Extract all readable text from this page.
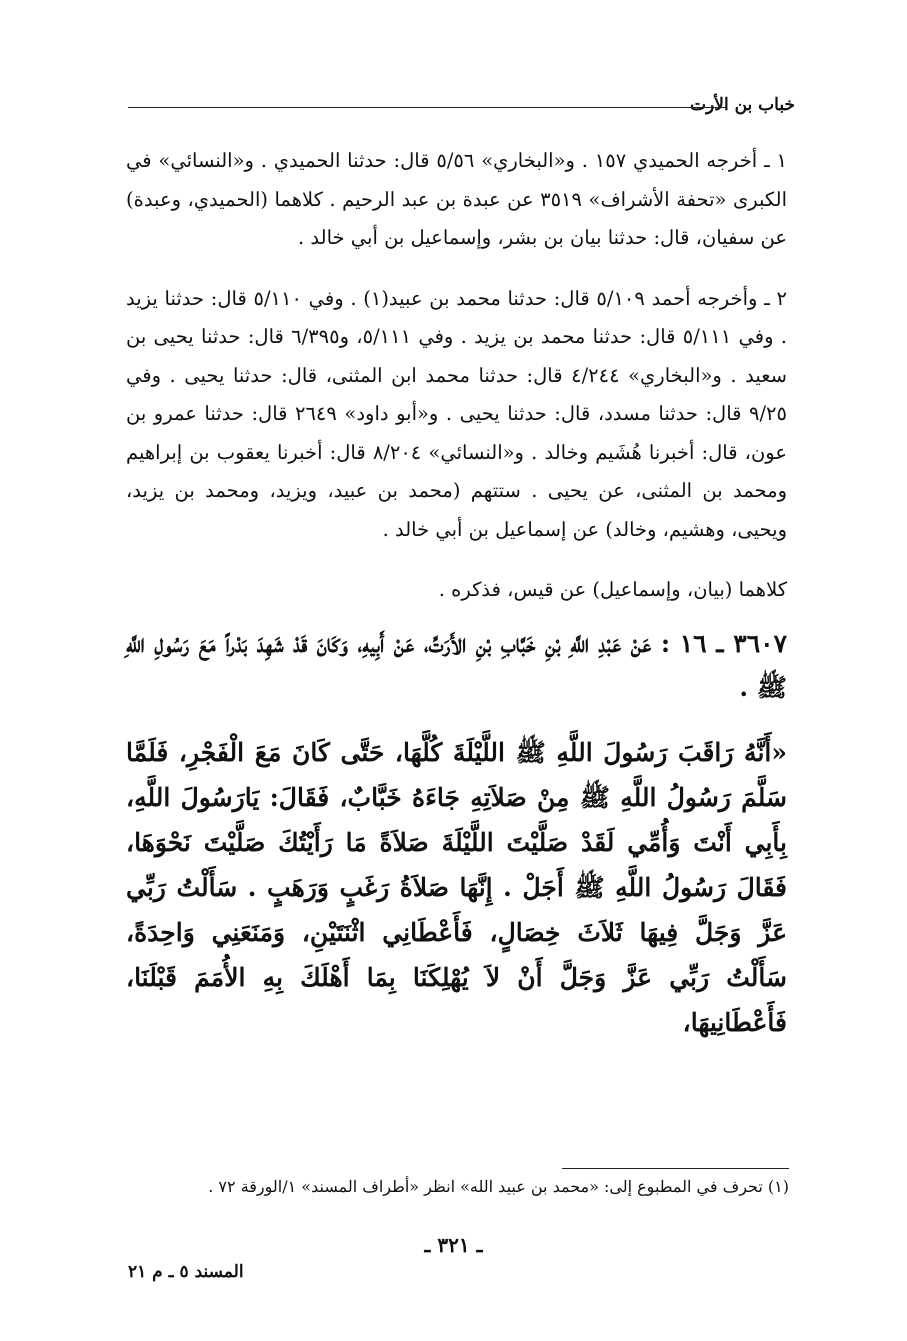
خباب بن الأرت

١ ـ أخرجه الحميدي ١٥٧ . و«البخاري» ٥/٥٦ قال: حدثنا الحميدي . و«النسائي» في الكبرى «تحفة الأشراف» ٣٥١٩ عن عبدة بن عبد الرحيم . كلاهما (الحميدي، وعبدة) عن سفيان، قال: حدثنا بيان بن بشر، وإسماعيل بن أبي خالد .

٢ ـ وأخرجه أحمد ٥/١٠٩ قال: حدثنا محمد بن عبيد(١) . وفي ٥/١١٠ قال: حدثنا يزيد . وفي ٥/١١١ قال: حدثنا محمد بن يزيد . وفي ٥/١١١، و٦/٣٩٥ قال: حدثنا يحيى بن سعيد . و«البخاري» ٤/٢٤٤ قال: حدثنا محمد ابن المثنى، قال: حدثنا يحيى . وفي ٩/٢٥ قال: حدثنا مسدد، قال: حدثنا يحيى . و«أبو داود» ٢٦٤٩ قال: حدثنا عمرو بن عون، قال: أخبرنا هُشَيم وخالد . و«النسائي» ٨/٢٠٤ قال: أخبرنا يعقوب بن إبراهيم ومحمد بن المثنى، عن يحيى . ستتهم (محمد بن عبيد، ويزيد، ومحمد بن يزيد، ويحيى، وهشيم، وخالد) عن إسماعيل بن أبي خالد .

كلاهما (بيان، وإسماعيل) عن قيس، فذكره .

٣٦٠٧ ـ ١٦ : عَنْ عَبْدِ اللَّهِ بْنِ خَبَّابِ بْنِ الأَرَتِّ، عَنْ أَبِيهِ، وَكَانَ قَدْ شَهِدَ بَدْراً مَعَ رَسُولِ اللَّهِ ﷺ .

«أَنَّهُ رَاقَبَ رَسُولَ اللَّهِ ﷺ اللَّيْلَةَ كُلَّهَا، حَتَّى كَانَ مَعَ الْفَجْرِ، فَلَمَّا سَلَّمَ رَسُولُ اللَّهِ ﷺ مِنْ صَلاَتِهِ جَاءَهُ خَبَّابٌ، فَقَالَ: يَارَسُولَ اللَّهِ، بِأَبِي أَنْتَ وَأُمِّي لَقَدْ صَلَّيْتَ اللَّيْلَةَ صَلاَةً مَا رَأَيْتُكَ صَلَّيْتَ نَحْوَهَا، فَقَالَ رَسُولُ اللَّهِ ﷺ أَجَلْ . إِنَّهَا صَلاَةُ رَغَبٍ وَرَهَبٍ . سَأَلْتُ رَبِّي عَزَّ وَجَلَّ فِيهَا ثَلاَثَ خِصَالٍ، فَأَعْطَانِي اثْنَتَيْنِ، وَمَنَعَنِي وَاحِدَةً، سَأَلْتُ رَبِّي عَزَّ وَجَلَّ أَنْ لاَ يُهْلِكَنَا بِمَا أَهْلَكَ بِهِ الأُمَمَ قَبْلَنَا، فَأَعْطَانِيهَا،

(١) تحرف في المطبوع إلى: «محمد بن عبيد الله» انظر «أطراف المسند» ١/الورقة ٧٢ .
ـ ٣٢١ ـ
المسند ٥ ـ م ٢١
